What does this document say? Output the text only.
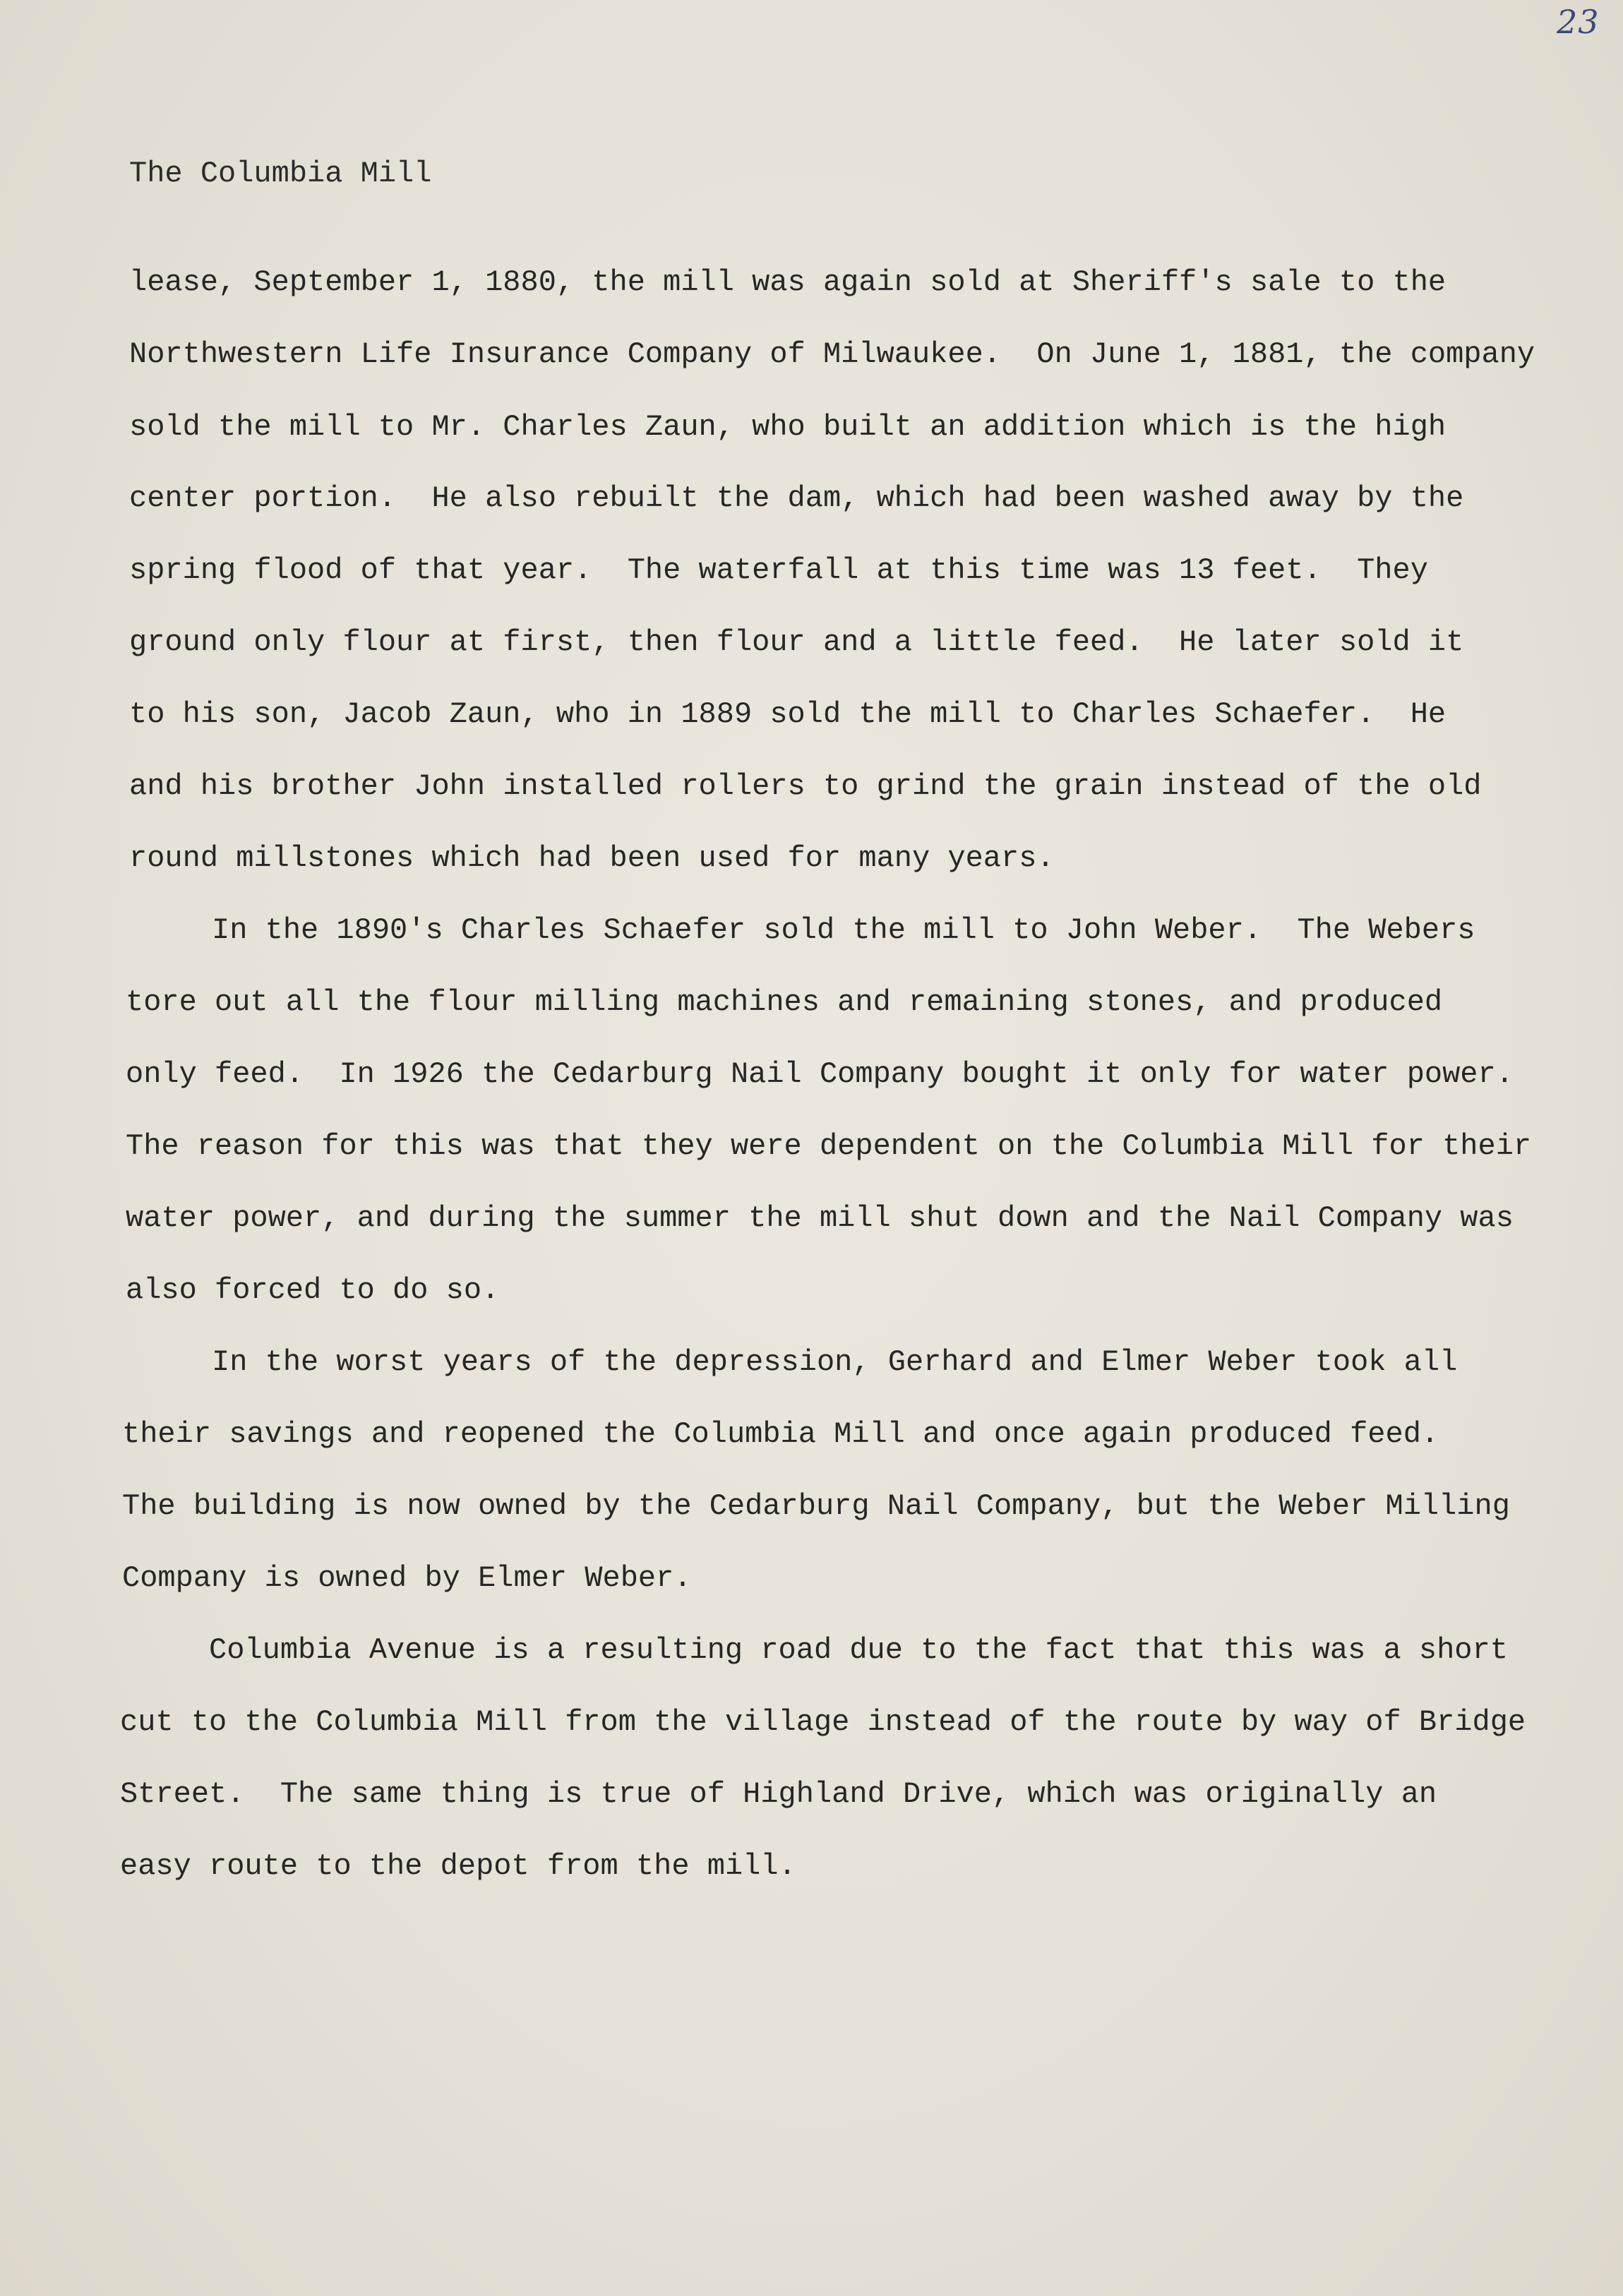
23
The Columbia Mill
lease, September 1, 1880, the mill was again sold at Sheriff's sale to the
Northwestern Life Insurance Company of Milwaukee.  On June 1, 1881, the company
sold the mill to Mr. Charles Zaun, who built an addition which is the high
center portion.  He also rebuilt the dam, which had been washed away by the
spring flood of that year.  The waterfall at this time was 13 feet.  They
ground only flour at first, then flour and a little feed.  He later sold it
to his son, Jacob Zaun, who in 1889 sold the mill to Charles Schaefer.  He
and his brother John installed rollers to grind the grain instead of the old
round millstones which had been used for many years.
In the 1890's Charles Schaefer sold the mill to John Weber.  The Webers
tore out all the flour milling machines and remaining stones, and produced
only feed.  In 1926 the Cedarburg Nail Company bought it only for water power.
The reason for this was that they were dependent on the Columbia Mill for their
water power, and during the summer the mill shut down and the Nail Company was
also forced to do so.
In the worst years of the depression, Gerhard and Elmer Weber took all
their savings and reopened the Columbia Mill and once again produced feed.
The building is now owned by the Cedarburg Nail Company, but the Weber Milling
Company is owned by Elmer Weber.
Columbia Avenue is a resulting road due to the fact that this was a short
cut to the Columbia Mill from the village instead of the route by way of Bridge
Street.  The same thing is true of Highland Drive, which was originally an
easy route to the depot from the mill.
